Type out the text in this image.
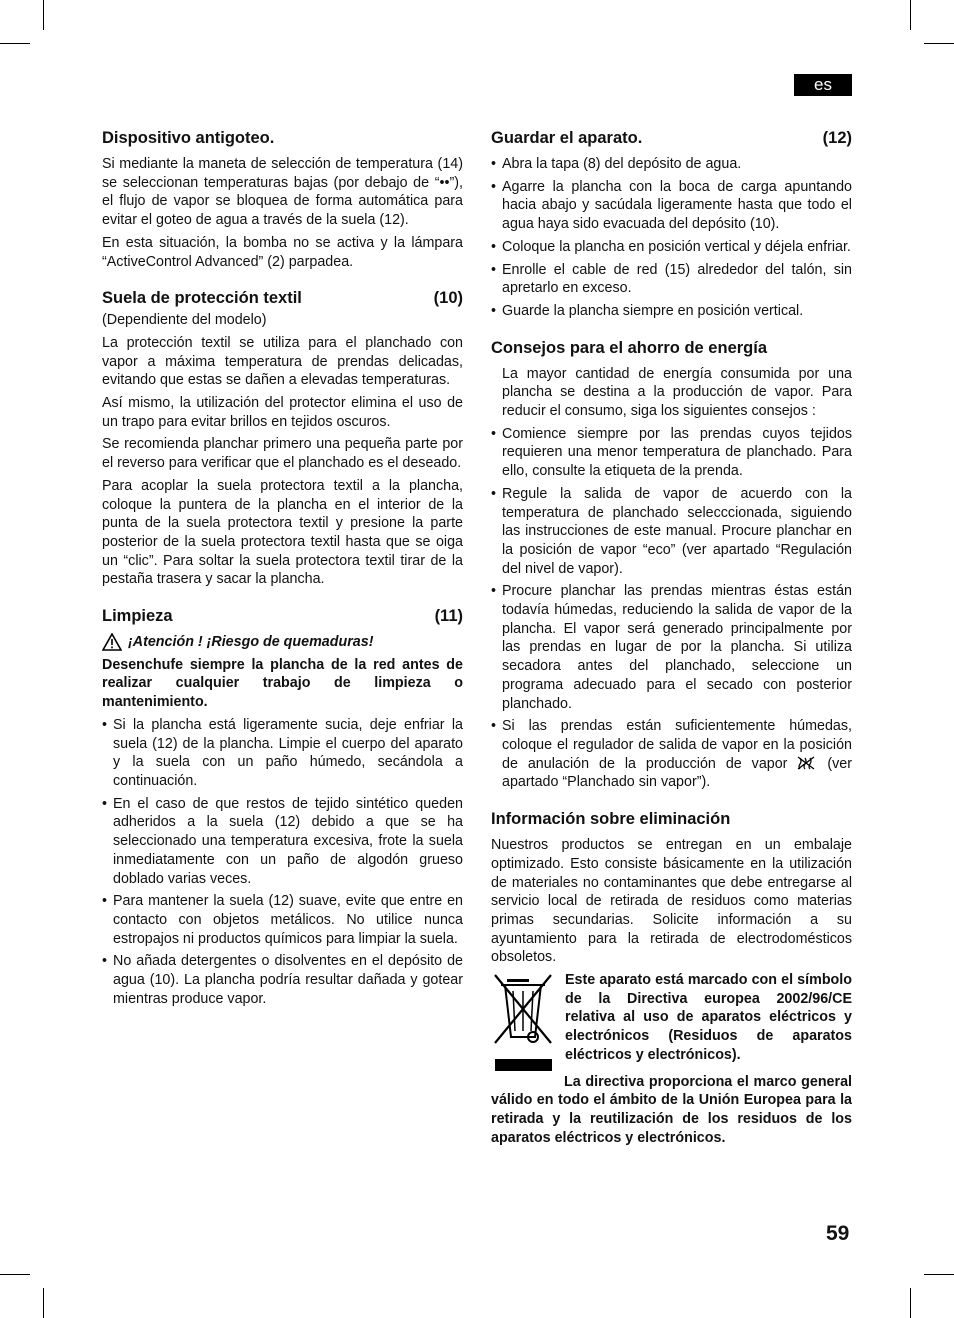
es
Dispositivo antigoteo.

Si mediante la maneta de selección de temperatura (14) se seleccionan temperaturas bajas (por debajo de “••”), el flujo de vapor se bloquea de forma automática para evitar el goteo de agua a través de la suela (12).

En esta situación, la bomba no se activa y la lámpara “ActiveControl Advanced” (2) parpadea.

Suela de protección textil	(10)

(Dependiente del modelo)

La protección textil se utiliza para el planchado con vapor a máxima temperatura de prendas delicadas, evitando que estas se dañen a elevadas temperaturas.

Así mismo, la utilización del protector elimina el uso de un trapo para evitar brillos en tejidos oscuros.

Se recomienda planchar primero una pequeña parte por el reverso para verificar que el planchado es el deseado.

Para acoplar la suela protectora textil a la plancha, coloque la puntera de la plancha en el interior de la punta de la suela protectora textil y presione la parte posterior de la suela protectora textil hasta que se oiga un “clic”. Para soltar la suela protectora textil tirar de la pestaña trasera y sacar la plancha.

Limpieza	(11)
¡Atención ! ¡Riesgo de quemaduras!

Desenchufe siempre la plancha de la red antes de realizar cualquier trabajo de limpieza o mantenimiento.

• Si la plancha está ligeramente sucia, deje enfriar la suela (12) de la plancha. Limpie el cuerpo del aparato y la suela con un paño húmedo, secándola a continuación.
• En el caso de que restos de tejido sintético queden adheridos a la suela (12) debido a que se ha seleccionado una temperatura excesiva, frote la suela inmediatamente con un paño de algodón grueso doblado varias veces.
• Para mantener la suela (12) suave, evite que entre en contacto con objetos metálicos. No utilice nunca estropajos ni productos químicos para limpiar la suela.
• No añada detergentes o disolventes en el depósito de agua (10). La plancha podría resultar dañada y gotear mientras produce vapor.
Guardar el aparato.	(12)
• Abra la tapa (8) del depósito de agua.
• Agarre la plancha con la boca de carga apuntando hacia abajo y sacúdala ligeramente hasta que todo el agua haya sido evacuada del depósito (10).
• Coloque la plancha en posición vertical y déjela enfriar.
• Enrolle el cable de red (15) alrededor del talón, sin apretarlo en exceso.
• Guarde la plancha siempre en posición vertical.
Consejos para el ahorro de energía

La mayor cantidad de energía consumida por una plancha se destina a la producción de vapor. Para reducir el consumo, siga los siguientes consejos :

• Comience siempre por las prendas cuyos tejidos requieren una menor temperatura de planchado. Para ello, consulte la etiqueta de la prenda.
• Regule la salida de vapor de acuerdo con la temperatura de planchado selecccionada, siguiendo las instrucciones de este manual. Procure planchar en la posición de vapor “eco” (ver apartado “Regulación del nivel de vapor).
• Procure planchar las prendas mientras éstas están todavía húmedas, reduciendo la salida de vapor de la plancha. El vapor será generado principalmente por las prendas en lugar de por la plancha. Si utiliza secadora antes del planchado, seleccione un programa adecuado para el secado con posterior planchado.
• Si las prendas están suficientemente húmedas, coloque el regulador de salida de vapor en la posición de anulación de la producción de vapor  (ver apartado “Planchado sin vapor”).
Información sobre eliminación

Nuestros productos se entregan en un embalaje optimizado. Esto consiste básicamente en la utilización de materiales no contaminantes que debe entregarse al servicio local de retirada de residuos como materias primas secundarias. Solicite información a su ayuntamiento para la retirada de electrodomésticos obsoletos.

Este aparato está marcado con el símbolo de la Directiva europea 2002/96/CE relativa al uso de aparatos eléctricos y electrónicos (Residuos de aparatos eléctricos y electrónicos).

La directiva proporciona el marco general válido en todo el ámbito de la Unión Europea para la retirada y la reutilización de los residuos de los aparatos eléctricos y electrónicos.

59
